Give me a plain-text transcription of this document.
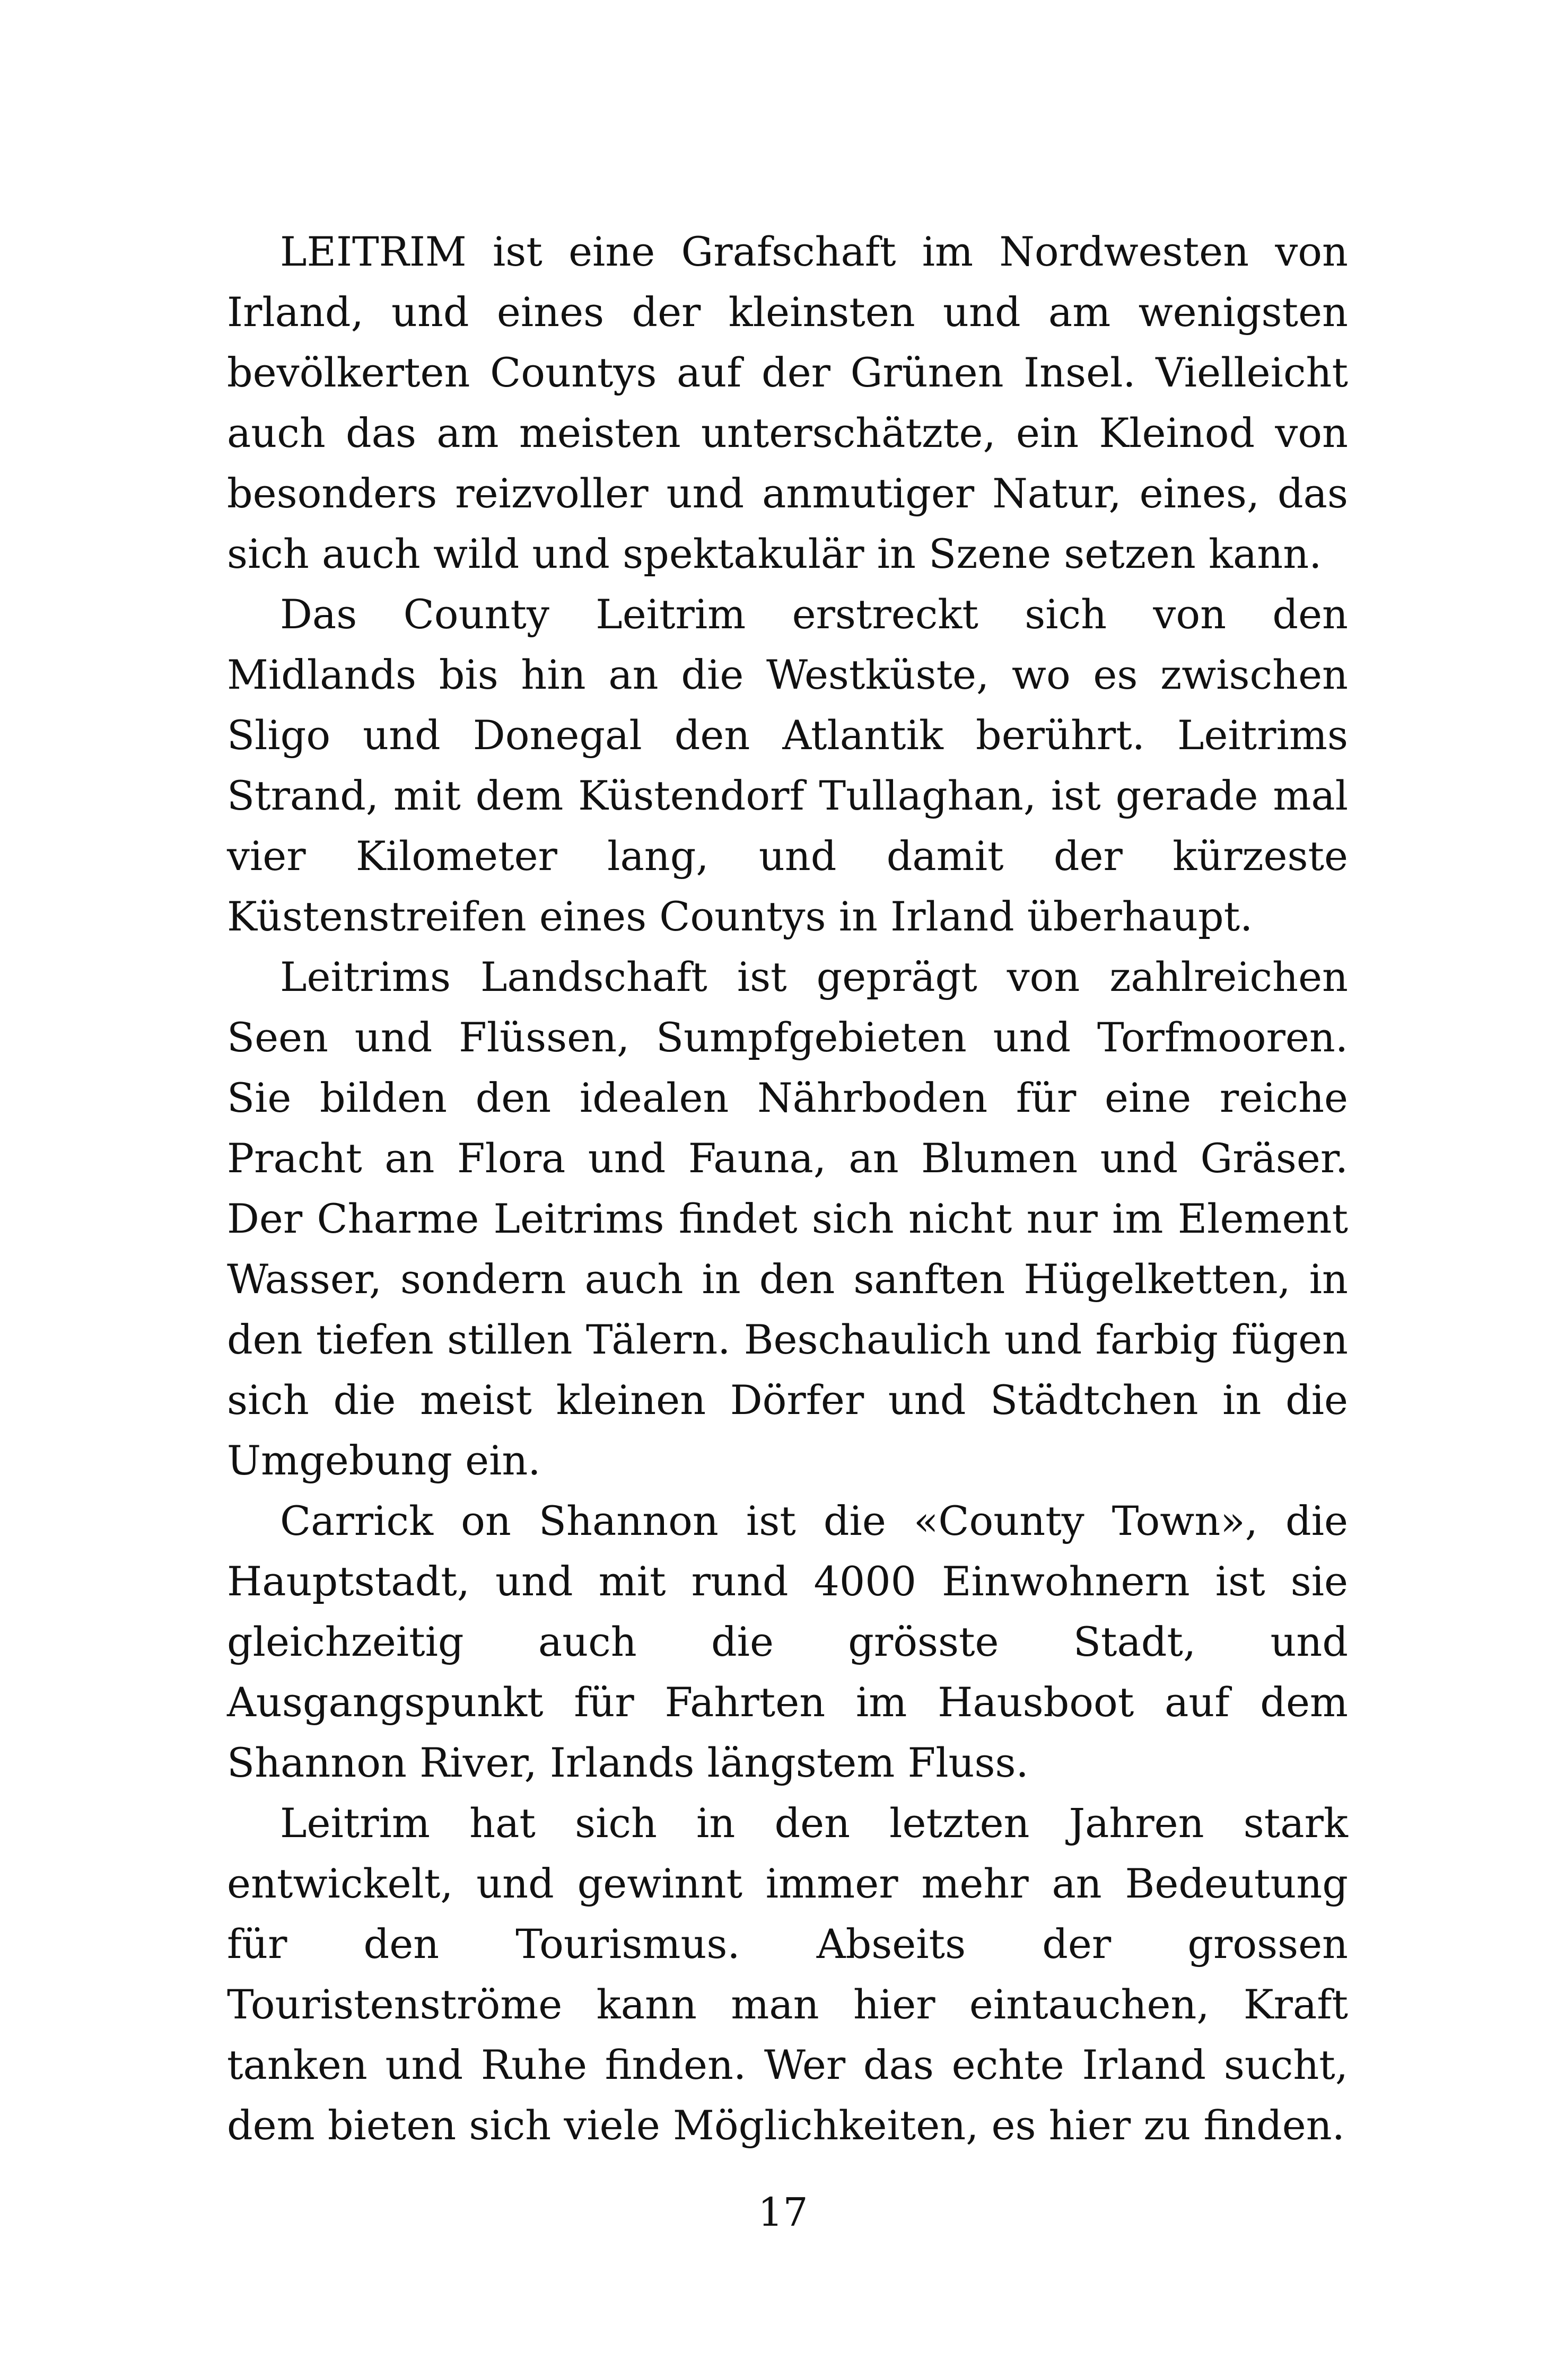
LEITRIM ist eine Grafschaft im Nordwesten von Irland, und eines der kleinsten und am wenigsten bevölkerten Countys auf der Grünen Insel. Vielleicht auch das am meisten unterschätzte, ein Kleinod von besonders reizvoller und anmutiger Natur, eines, das sich auch wild und spektakulär in Szene setzen kann.

Das County Leitrim erstreckt sich von den Midlands bis hin an die Westküste, wo es zwischen Sligo und Donegal den Atlantik berührt. Leitrims Strand, mit dem Küstendorf Tullaghan, ist gerade mal vier Kilometer lang, und damit der kürzeste Küstenstreifen eines Countys in Irland überhaupt.

Leitrims Landschaft ist geprägt von zahlreichen Seen und Flüssen, Sumpfgebieten und Torfmooren. Sie bilden den idealen Nährboden für eine reiche Pracht an Flora und Fauna, an Blumen und Gräser. Der Charme Leitrims findet sich nicht nur im Element Wasser, sondern auch in den sanften Hügelketten, in den tiefen stillen Tälern. Beschaulich und farbig fügen sich die meist kleinen Dörfer und Städtchen in die Umgebung ein.

Carrick on Shannon ist die «County Town», die Hauptstadt, und mit rund 4000 Einwohnern ist sie gleichzeitig auch die grösste Stadt, und Ausgangspunkt für Fahrten im Hausboot auf dem Shannon River, Irlands längstem Fluss.

Leitrim hat sich in den letzten Jahren stark entwickelt, und gewinnt immer mehr an Bedeutung für den Tourismus. Abseits der grossen Touristenströme kann man hier eintauchen, Kraft tanken und Ruhe finden. Wer das echte Irland sucht, dem bieten sich viele Möglichkeiten, es hier zu finden.

17
